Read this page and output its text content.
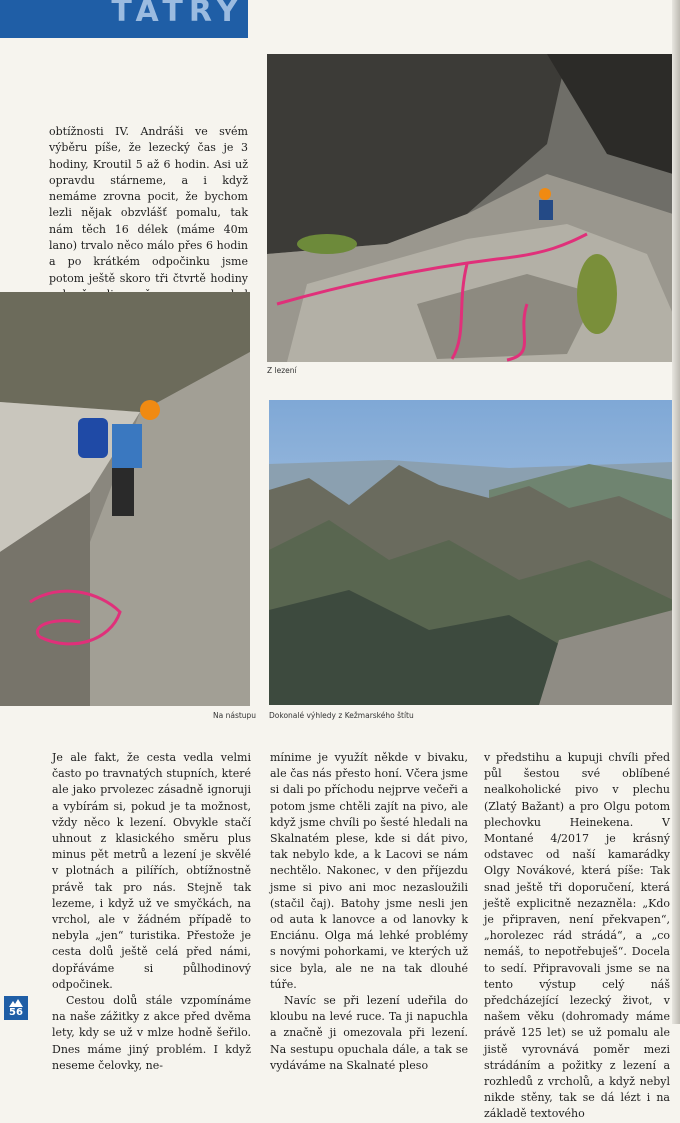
TATRY

obtížnosti IV. Andráši ve svém výběru píše, že lezecký čas je 3 hodiny, Kroutil 5 až 6 hodin. Asi už opravdu stárneme, a i když nemáme zrovna pocit, že bychom lezli nějak obzvlášť pomalu, tak nám těch 16 délek (máme 40m lano) trvalo něco málo přes 6 hodin a po krátkém odpočinku jsme potom ještě skoro tři čtvrtě hodiny

Z lezení
Na nástupu Dokonalé výhledy z Kežmarského štítu

Je ale fakt, že cesta vedla velmi často po travnatých stupních, které ale jako prvolezec zásadně ignoruji a vybírám si, pokud je ta možnost, vždy něco k lezení. Obvykle stačí uhnout z klasického směru plus minus pět metrů a lezení je skvělé v plotnách a pilířích, obtížnostně právě tak pro nás. Stejně tak lezeme, i když už ve smyčkách, na vrchol, ale v žádném případě to nebyla „jen“ turistika. Přestože je cesta dolů ještě celá před námi, dopřáváme si půlhodinový odpočinek.

Cestou dolů stále vzpomínáme na naše zážitky z akce před dvěma lety, kdy se už v mlze hodně šeřilo. Dnes máme jiný problém. I když neseme čelovky, ne-

mínime je využít někde v bivaku, ale čas nás přesto honí. Včera jsme si dali po příchodu nejprve večeři a potom jsme chtěli zajít na pivo, ale když jsme chvíli po šesté hledali na Skalnatém plese, kde si dát pivo, tak nebylo kde, a k Lacovi se nám nechtělo. Nakonec, v den příjezdu jsme si pivo ani moc nezasloužili (stačil čaj). Batohy jsme nesli jen od auta k lanovce a od lanovky k Enciánu. Olga má lehké problémy s novými pohorkami, ve kterých už sice byla, ale ne na tak dlouhé túře.

Navíc se při lezení udeřila do kloubu na levé ruce. Ta ji napuchla a značně ji omezovala při lezení. Na sestupu opuchala dále, a tak se vydáváme na Skalnaté pleso

v předstihu a kupuji chvíli před půl šestou své oblíbené nealkoholické pivo v plechu (Zlatý Bažant) a pro Olgu potom plechovku Heinekena. V Montané 4/2017 je krásný odstavec od naší kamarádky Olgy Novákové, která píše: Tak snad ještě tři doporučení, která ještě explicitně nezazněla: „Kdo je připraven, není překvapen“, „horolezec rád strádá“, a „co nemáš, to nepotřebuješ“. Docela to sedí. Připravovali jsme se na tento výstup celý náš předcházející lezecký život, v našem věku (dohromady máme právě 125 let) se už pomalu ale jistě vyrovnává poměr mezi strádáním a požitky z lezení a rozhledů z vrcholů, a když nebyl nikde stěny, tak se dá lézt i na základě textového

56
